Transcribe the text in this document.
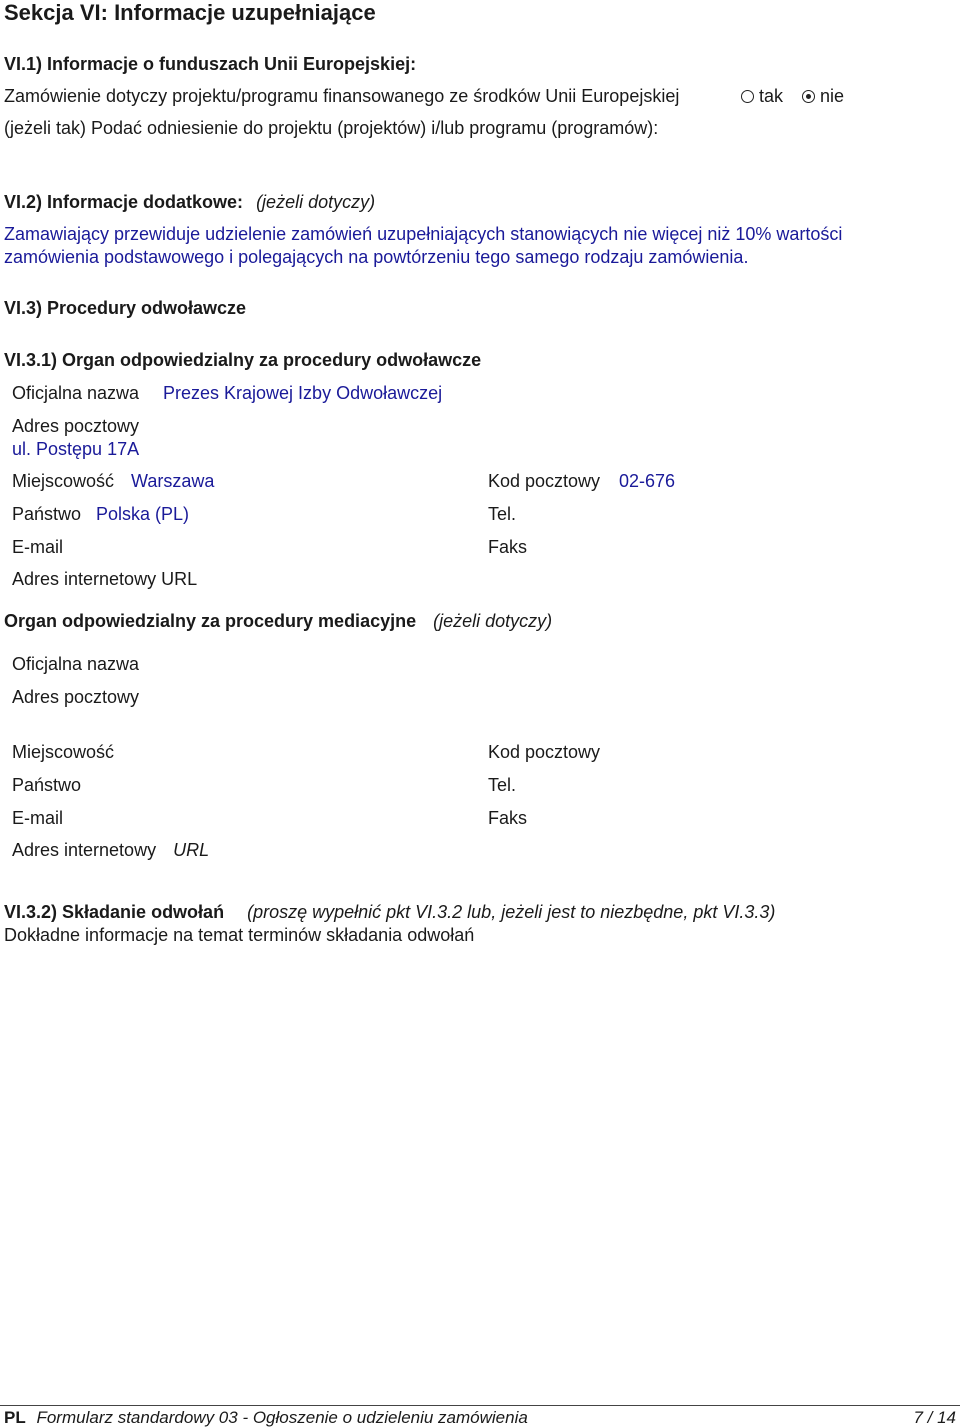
Sekcja VI: Informacje uzupełniające
VI.1) Informacje o funduszach Unii Europejskiej:
Zamówienie dotyczy projektu/programu finansowanego ze środków Unii Europejskiej	tak nie
(jeżeli tak) Podać odniesienie do projektu (projektów) i/lub programu (programów):
VI.2) Informacje dodatkowe: (jeżeli dotyczy)
Zamawiający przewiduje udzielenie zamówień uzupełniających stanowiących nie więcej niż 10% wartości
zamówienia podstawowego i polegających na powtórzeniu tego samego rodzaju zamówienia.
VI.3) Procedury odwoławcze
VI.3.1) Organ odpowiedzialny za procedury odwoławcze
Oficjalna nazwa Prezes Krajowej Izby Odwoławczej
Adres pocztowy
ul. Postępu 17A
Miejscowość Warszawa	Kod pocztowy 02-676
Państwo Polska (PL)	Tel.
E-mail	Faks
Adres internetowy URL
Organ odpowiedzialny za procedury mediacyjne (jeżeli dotyczy)
Oficjalna nazwa
Adres pocztowy
Miejscowość	Kod pocztowy
Państwo	Tel.
E-mail	Faks
Adres internetowy URL
VI.3.2) Składanie odwołań (proszę wypełnić pkt VI.3.2 lub, jeżeli jest to niezbędne, pkt VI.3.3)
Dokładne informacje na temat terminów składania odwołań
PL Formularz standardowy 03 - Ogłoszenie o udzieleniu zamówienia	7 / 14
